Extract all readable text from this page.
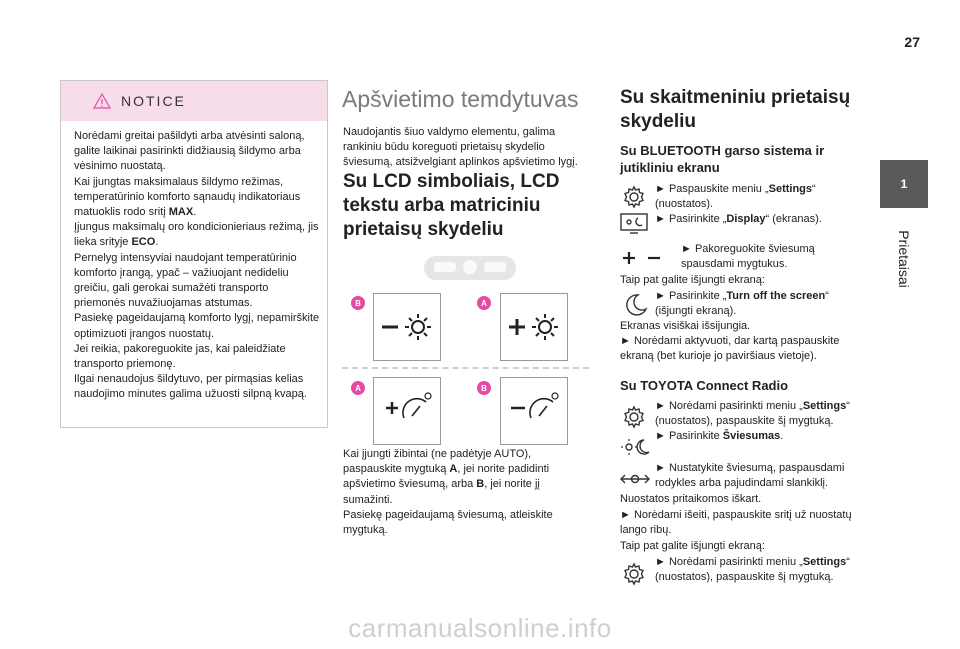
27
1
Prietaisai
NOTICE

Norėdami greitai pašildyti arba atvėsinti saloną, galite laikinai pasirinkti didžiausią šildymo arba vėsinimo nuostatą.

Kai įjungtas maksimalaus šildymo režimas, temperatūrinio komforto sąnaudų indikatoriaus matuoklis rodo sritį MAX.

Įjungus maksimalų oro kondicionieriaus režimą, jis lieka srityje ECO.

Pernelyg intensyviai naudojant temperatūrinio komforto įrangą, ypač – važiuojant nedideliu greičiu, gali gerokai sumažėti transporto priemonės nuvažiuojamas atstumas.

Pasiekę pageidaujamą komforto lygį, nepamirškite optimizuoti įrangos nuostatų.

Jei reikia, pakoreguokite jas, kai paleidžiate transporto priemonę.

Ilgai nenaudojus šildytuvo, per pirmąsias kelias naudojimo minutes galima užuosti silpną kvapą.

Apšvietimo temdytuvas
Naudojantis šiuo valdymo elementu, galima rankiniu būdu koreguoti prietaisų skydelio šviesumą, atsižvelgiant aplinkos apšvietimo lygį.
Su LCD simboliais, LCD tekstu arba matriciniu prietaisų skydeliu
B	A
A	B

Kai įjungti žibintai (ne padėtyje AUTO), paspauskite mygtuką A, jei norite padidinti apšvietimo šviesumą, arba B, jei norite jį sumažinti.

Pasiekę pageidaujamą šviesumą, atleiskite mygtuką.

Su skaitmeniniu prietaisų skydeliu
Su BLUETOOTH garso sistema ir jutikliniu ekranu

► Paspauskite meniu „Settings“ (nuostatos).

► Pasirinkite „Display“ (ekranas).

► Pakoreguokite šviesumą spausdami mygtukus.
Taip pat galite išjungti ekraną:

► Pasirinkite „Turn off the screen“ (išjungti ekraną).

Ekranas visiškai išsijungia.
► Norėdami aktyvuoti, dar kartą paspauskite ekraną (bet kurioje jo paviršiaus vietoje).
Su TOYOTA Connect Radio

► Norėdami pasirinkti meniu „Settings“ (nuostatos), paspauskite šį mygtuką.

► Pasirinkite Šviesumas.

► Nustatykite šviesumą, paspausdami rodykles arba pajudindami slankiklį.
Nuostatos pritaikomos iškart.
► Norėdami išeiti, paspauskite sritį už nuostatų lango ribų.
Taip pat galite išjungti ekraną:

► Norėdami pasirinkti meniu „Settings“ (nuostatos), paspauskite šį mygtuką.

carmanualsonline.info
